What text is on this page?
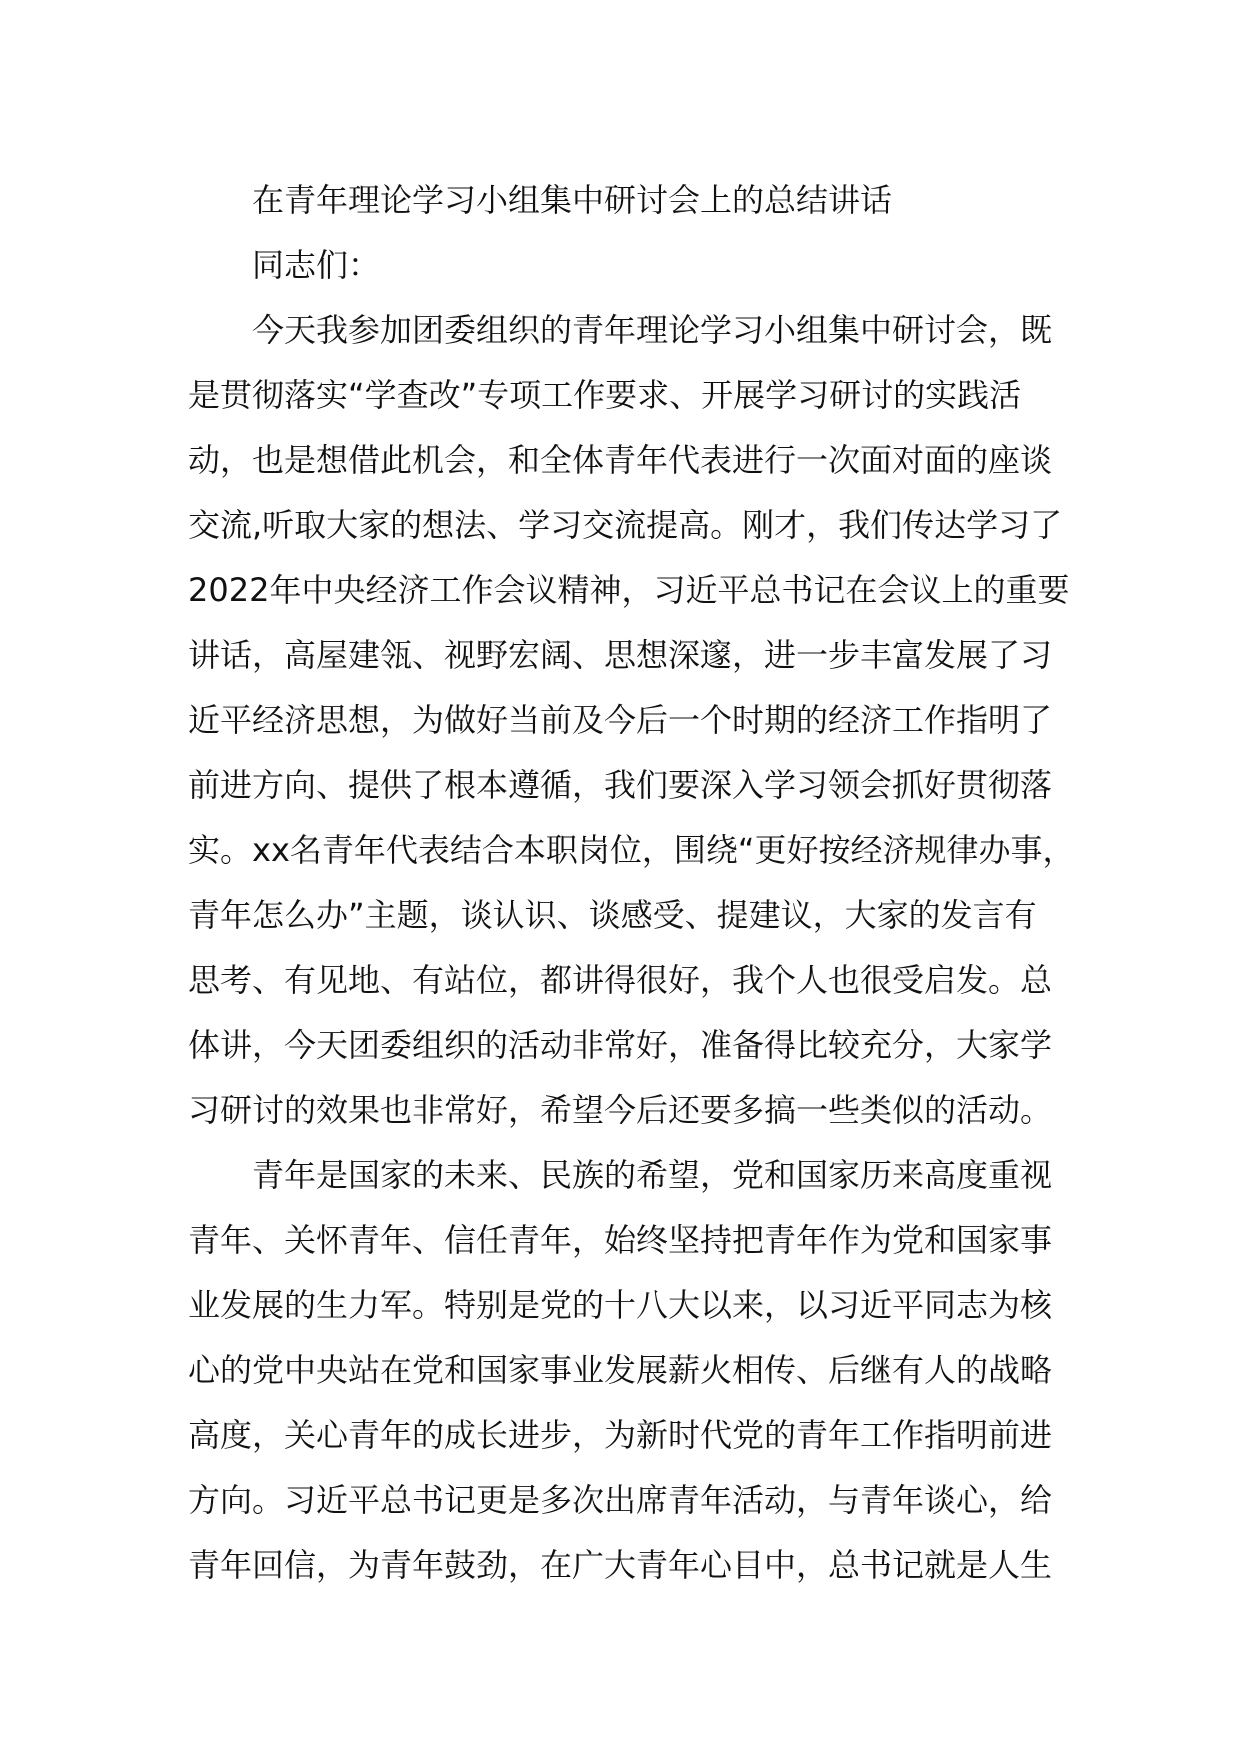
在青年理论学习小组集中研讨会上的总结讲话
同志们：
今天我参加团委组织的青年理论学习小组集中研讨会，既
是贯彻落实“学查改”专项工作要求、开展学习研讨的实践活
动，也是想借此机会，和全体青年代表进行一次面对面的座谈
交流,听取大家的想法、学习交流提高。刚才，我们传达学习了
2022年中央经济工作会议精神，习近平总书记在会议上的重要
讲话，高屋建瓴、视野宏阔、思想深邃，进一步丰富发展了习
近平经济思想，为做好当前及今后一个时期的经济工作指明了
前进方向、提供了根本遵循，我们要深入学习领会抓好贯彻落
实。xx名青年代表结合本职岗位，围绕“更好按经济规律办事，
青年怎么办”主题，谈认识、谈感受、提建议，大家的发言有
思考、有见地、有站位，都讲得很好，我个人也很受启发。总
体讲，今天团委组织的活动非常好，准备得比较充分，大家学
习研讨的效果也非常好，希望今后还要多搞一些类似的活动。
青年是国家的未来、民族的希望，党和国家历来高度重视
青年、关怀青年、信任青年，始终坚持把青年作为党和国家事
业发展的生力军。特别是党的十八大以来，以习近平同志为核
心的党中央站在党和国家事业发展薪火相传、后继有人的战略
高度，关心青年的成长进步，为新时代党的青年工作指明前进
方向。习近平总书记更是多次出席青年活动，与青年谈心，给
青年回信，为青年鼓劲，在广大青年心目中，总书记就是人生
